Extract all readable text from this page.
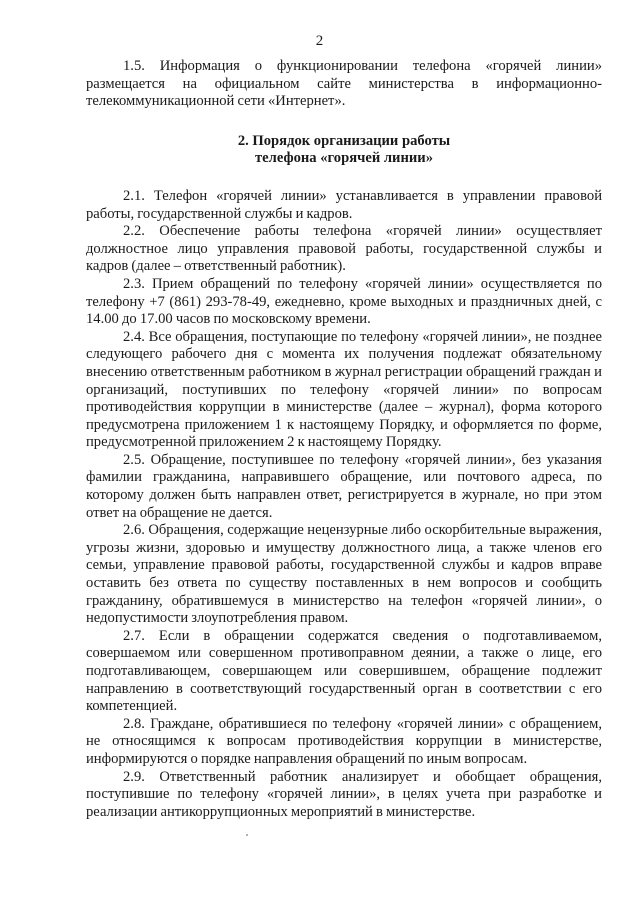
2

1.5. Информация о функционировании телефона «горячей линии» размещается на официальном сайте министерства в информационно-телекоммуникационной сети «Интернет».

2. Порядок организации работы
телефона «горячей линии»

2.1. Телефон «горячей линии» устанавливается в управлении правовой работы, государственной службы и кадров.

2.2. Обеспечение работы телефона «горячей линии» осуществляет должностное лицо управления правовой работы, государственной службы и кадров (далее – ответственный работник).

2.3. Прием обращений по телефону «горячей линии» осуществляется по телефону +7 (861) 293-78-49, ежедневно, кроме выходных и праздничных дней, с 14.00 до 17.00 часов по московскому времени.

2.4. Все обращения, поступающие по телефону «горячей линии», не позднее следующего рабочего дня с момента их получения подлежат обязательному внесению ответственным работником в журнал регистрации обращений граждан и организаций, поступивших по телефону «горячей линии» по вопросам противодействия коррупции в министерстве (далее – журнал), форма которого предусмотрена приложением 1 к настоящему Порядку, и оформляется по форме, предусмотренной приложением 2 к настоящему Порядку.

2.5. Обращение, поступившее по телефону «горячей линии», без указания фамилии гражданина, направившего обращение, или почтового адреса, по которому должен быть направлен ответ, регистрируется в журнале, но при этом ответ на обращение не дается.

2.6. Обращения, содержащие нецензурные либо оскорбительные выражения, угрозы жизни, здоровью и имуществу должностного лица, а также членов его семьи, управление правовой работы, государственной службы и кадров вправе оставить без ответа по существу поставленных в нем вопросов и сообщить гражданину, обратившемуся в министерство на телефон «горячей линии», о недопустимости злоупотребления правом.

2.7. Если в обращении содержатся сведения о подготавливаемом, совершаемом или совершенном противоправном деянии, а также о лице, его подготавливающем, совершающем или совершившем, обращение подлежит направлению в соответствующий государственный орган в соответствии с его компетенцией.

2.8. Граждане, обратившиеся по телефону «горячей линии» с обращением, не относящимся к вопросам противодействия коррупции в министерстве, информируются о порядке направления обращений по иным вопросам.

2.9. Ответственный работник анализирует и обобщает обращения, поступившие по телефону «горячей линии», в целях учета при разработке и реализации антикоррупционных мероприятий в министерстве.
